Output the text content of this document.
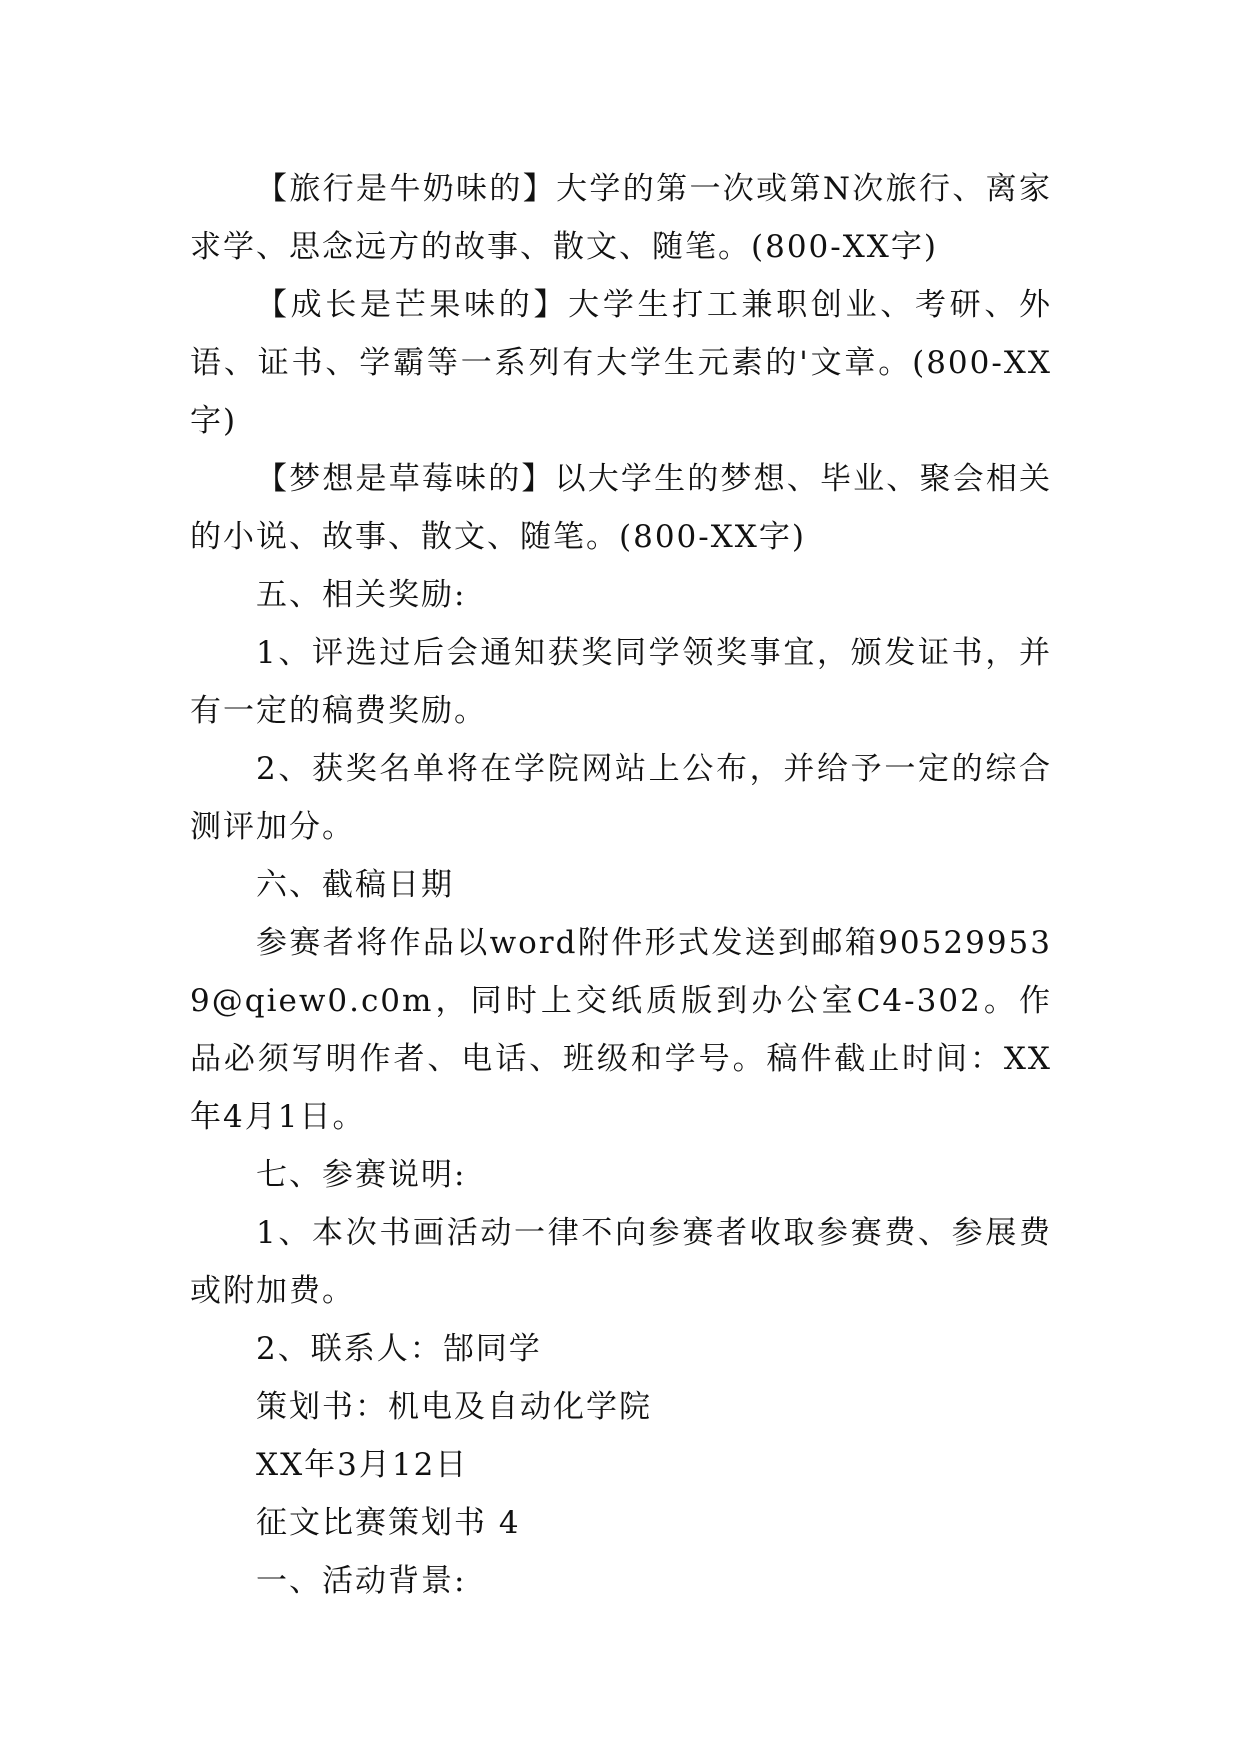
【旅行是牛奶味的】大学的第一次或第N次旅行、离家求学、思念远方的故事、散文、随笔。(800-XX字)

【成长是芒果味的】大学生打工兼职创业、考研、外语、证书、学霸等一系列有大学生元素的'文章。(800-XX字)

【梦想是草莓味的】以大学生的梦想、毕业、聚会相关的小说、故事、散文、随笔。(800-XX字)

五、相关奖励:

1、评选过后会通知获奖同学领奖事宜，颁发证书，并有一定的稿费奖励。

2、获奖名单将在学院网站上公布，并给予一定的综合测评加分。

六、截稿日期

参赛者将作品以word附件形式发送到邮箱905299539@qiew0.c0m，同时上交纸质版到办公室C4-302。作品必须写明作者、电话、班级和学号。稿件截止时间：XX年4月1日。

七、参赛说明:

1、本次书画活动一律不向参赛者收取参赛费、参展费或附加费。

2、联系人：郜同学

策划书：机电及自动化学院

XX年3月12日

征文比赛策划书 4

一、活动背景:
